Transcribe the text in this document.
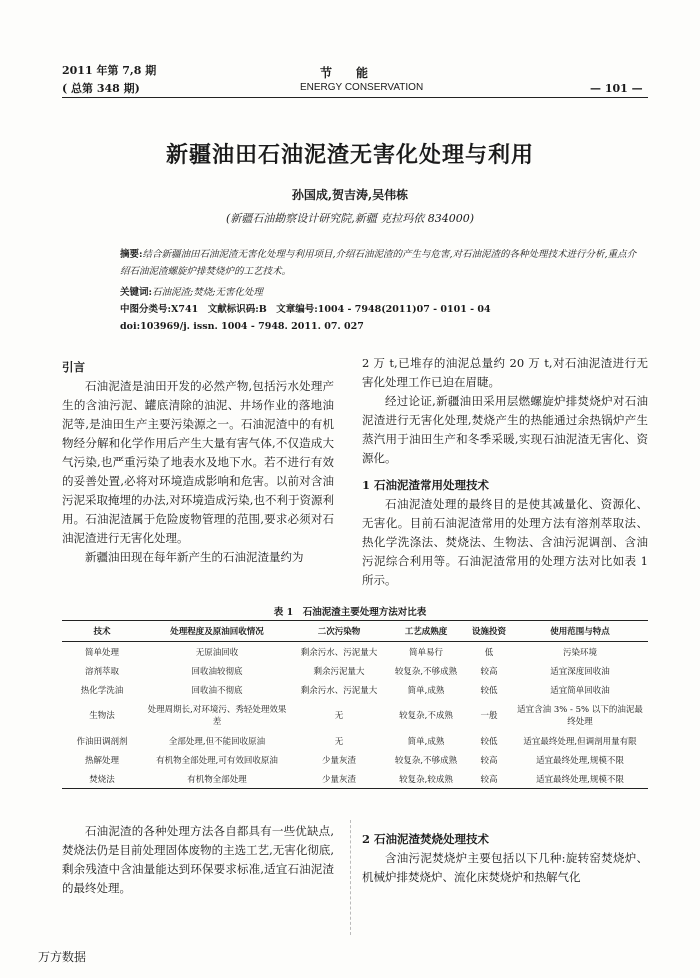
2011 年第 7,8 期
( 总第 348 期)
节　　能
ENERGY CONSERVATION	— 101 —
新疆油田石油泥渣无害化处理与利用
孙国成,贺吉涛,吴伟栋
(新疆石油勘察设计研究院,新疆 克拉玛依 834000)
摘要:结合新疆油田石油泥渣无害化处理与利用项目,介绍石油泥渣的产生与危害,对石油泥渣的各种处理技术进行分析,重点介绍石油泥渣螺旋炉排焚烧炉的工艺技术。
关键词:石油泥渣;焚烧;无害化处理
中图分类号:X741　文献标识码:B　文章编号:1004 - 7948(2011)07 - 0101 - 04
doi:103969/j. issn. 1004 - 7948. 2011. 07. 027

引言

石油泥渣是油田开发的必然产物,包括污水处理产生的含油污泥、罐底清除的油泥、井场作业的落地油泥等,是油田生产主要污染源之一。石油泥渣中的有机物经分解和化学作用后产生大量有害气体,不仅造成大气污染,也严重污染了地表水及地下水。若不进行有效的妥善处置,必将对环境造成影响和危害。以前对含油污泥采取掩埋的办法,对环境造成污染,也不利于资源利用。石油泥渣属于危险废物管理的范围,要求必须对石油泥渣进行无害化处理。

新疆油田现在每年新产生的石油泥渣量约为

2 万 t,已堆存的油泥总量约 20 万 t,对石油泥渣进行无害化处理工作已迫在眉睫。

经过论证,新疆油田采用层燃螺旋炉排焚烧炉对石油泥渣进行无害化处理,焚烧产生的热能通过余热锅炉产生蒸汽用于油田生产和冬季采暖,实现石油泥渣无害化、资源化。

1 石油泥渣常用处理技术

石油泥渣处理的最终目的是使其减量化、资源化、无害化。目前石油泥渣常用的处理方法有溶剂萃取法、热化学洗涤法、焚烧法、生物法、含油污泥调剖、含油污泥综合利用等。石油泥渣常用的处理方法对比如表 1 所示。

表 1　石油泥渣主要处理方法对比表
技术	处理程度及原油回收情况	二次污染物	工艺成熟度	设施投资	使用范围与特点
简单处理	无原油回收	剩余污水、污泥量大	简单易行	低	污染环境
溶剂萃取	回收油较彻底	剩余污泥量大	较复杂,不够成熟	较高	适宜深度回收油
热化学洗油	回收油不彻底	剩余污水、污泥量大	简单,成熟	较低	适宜简单回收油
生物法	处理周期长,对环境污、秀轻处理效果差	无	较复杂,不成熟	一般	适宜含油 3% - 5% 以下的油泥最终处理
作油田调剖剂	全部处理,但不能回收原油	无	简单,成熟	较低	适宜最终处理,但调剖用量有限
热解处理	有机物全部处理,可有效回收原油	少量灰渣	较复杂,不够成熟	较高	适宜最终处理,规模不限
焚烧法	有机物全部处理	少量灰渣	较复杂,较成熟	较高	适宜最终处理,规模不限

石油泥渣的各种处理方法各自都具有一些优缺点,焚烧法仍是目前处理固体废物的主选工艺,无害化彻底,剩余残渣中含油量能达到环保要求标准,适宜石油泥渣的最终处理。

2 石油泥渣焚烧处理技术

含油污泥焚烧炉主要包括以下几种:旋转窑焚烧炉、机械炉排焚烧炉、流化床焚烧炉和热解气化

万方数据
